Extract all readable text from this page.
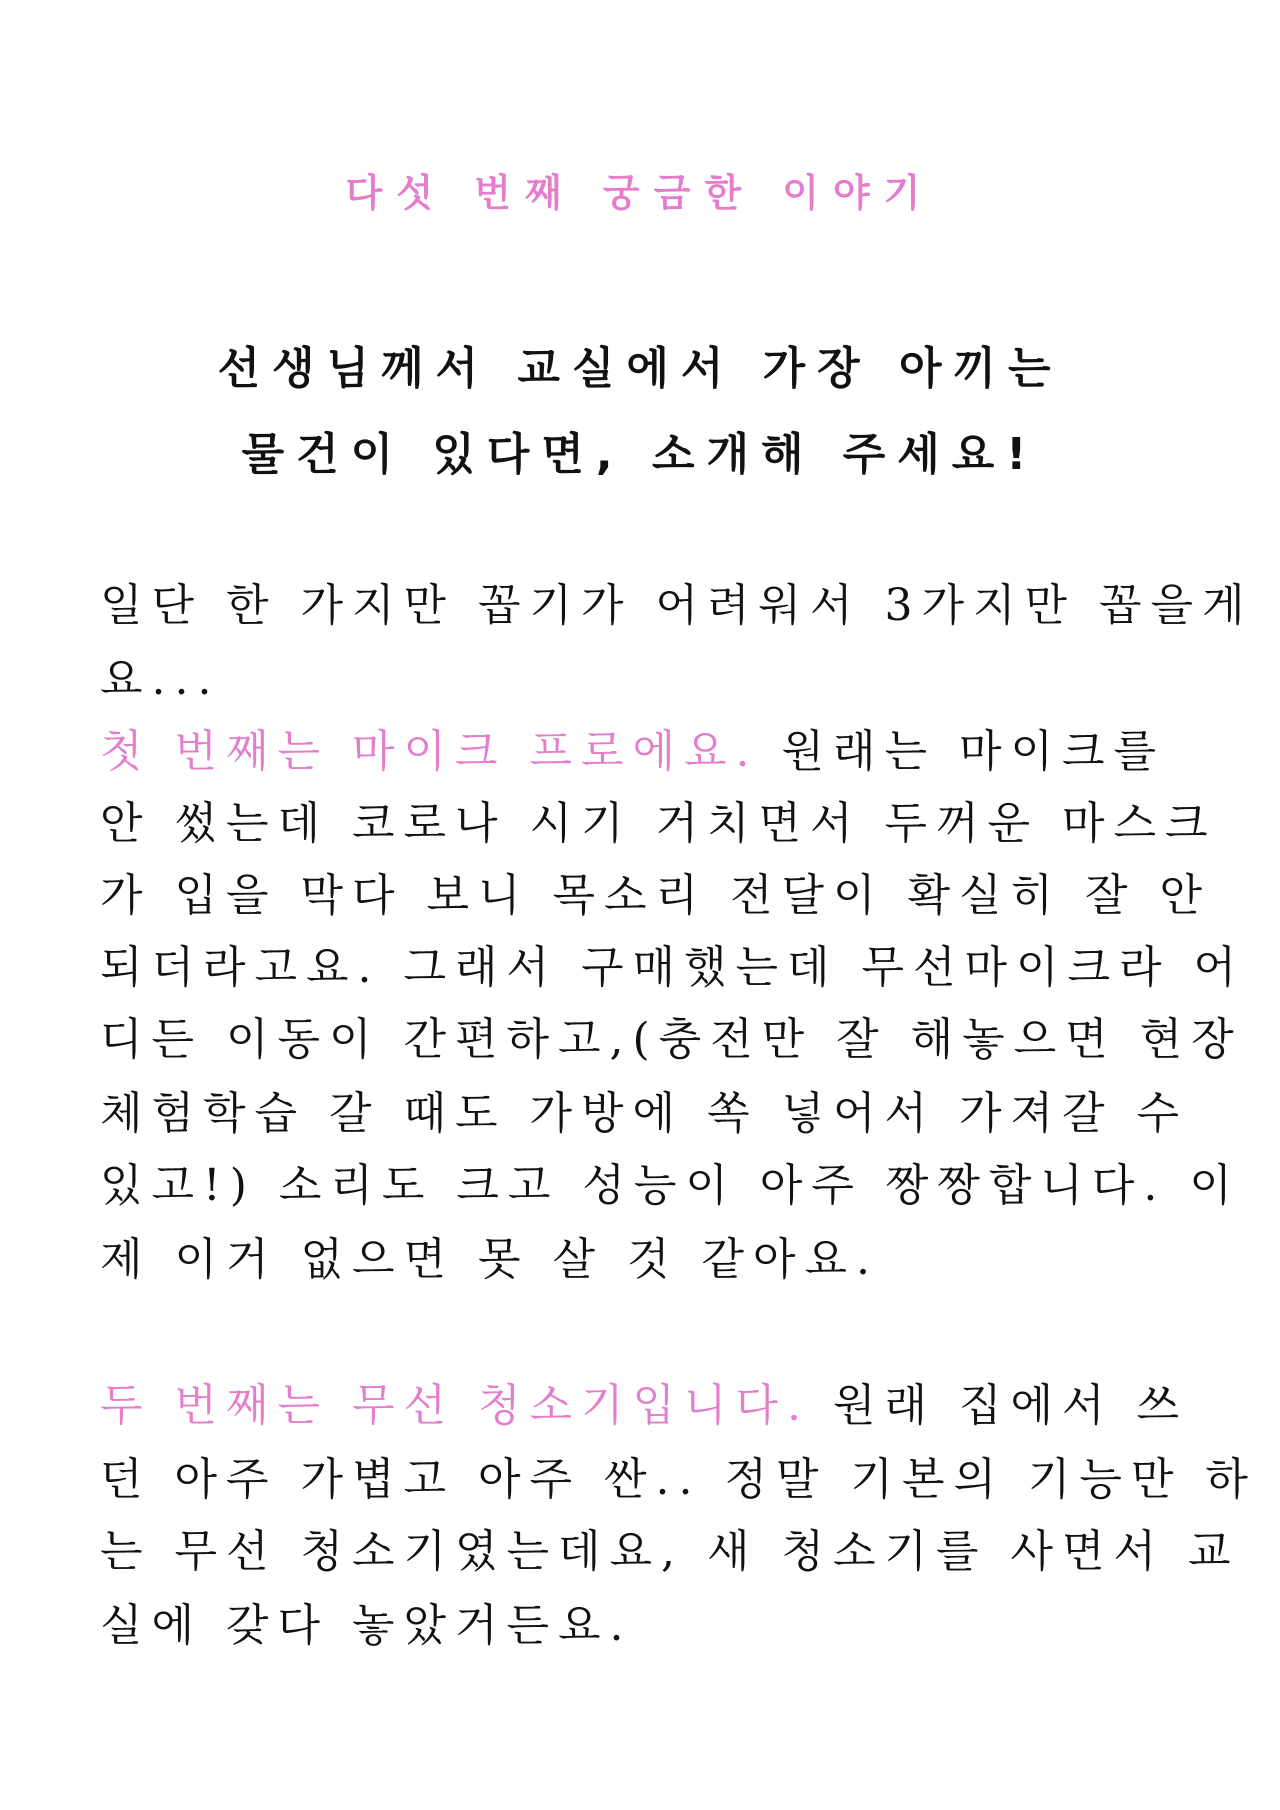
다섯 번째 궁금한 이야기
선생님께서 교실에서 가장 아끼는
물건이 있다면, 소개해 주세요!

일단 한 가지만 꼽기가 어려워서 3가지만 꼽을게

요...

첫 번째는 마이크 프로에요. 원래는 마이크를

안 썼는데 코로나 시기 거치면서 두꺼운 마스크

가 입을 막다 보니 목소리 전달이 확실히 잘 안

되더라고요. 그래서 구매했는데 무선마이크라 어

디든 이동이 간편하고,(충전만 잘 해놓으면 현장

체험학습 갈 때도 가방에 쏙 넣어서 가져갈 수

있고!) 소리도 크고 성능이 아주 짱짱합니다. 이

제 이거 없으면 못 살 것 같아요.

두 번째는 무선 청소기입니다. 원래 집에서 쓰

던 아주 가볍고 아주 싼.. 정말 기본의 기능만 하

는 무선 청소기였는데요, 새 청소기를 사면서 교

실에 갖다 놓았거든요.
